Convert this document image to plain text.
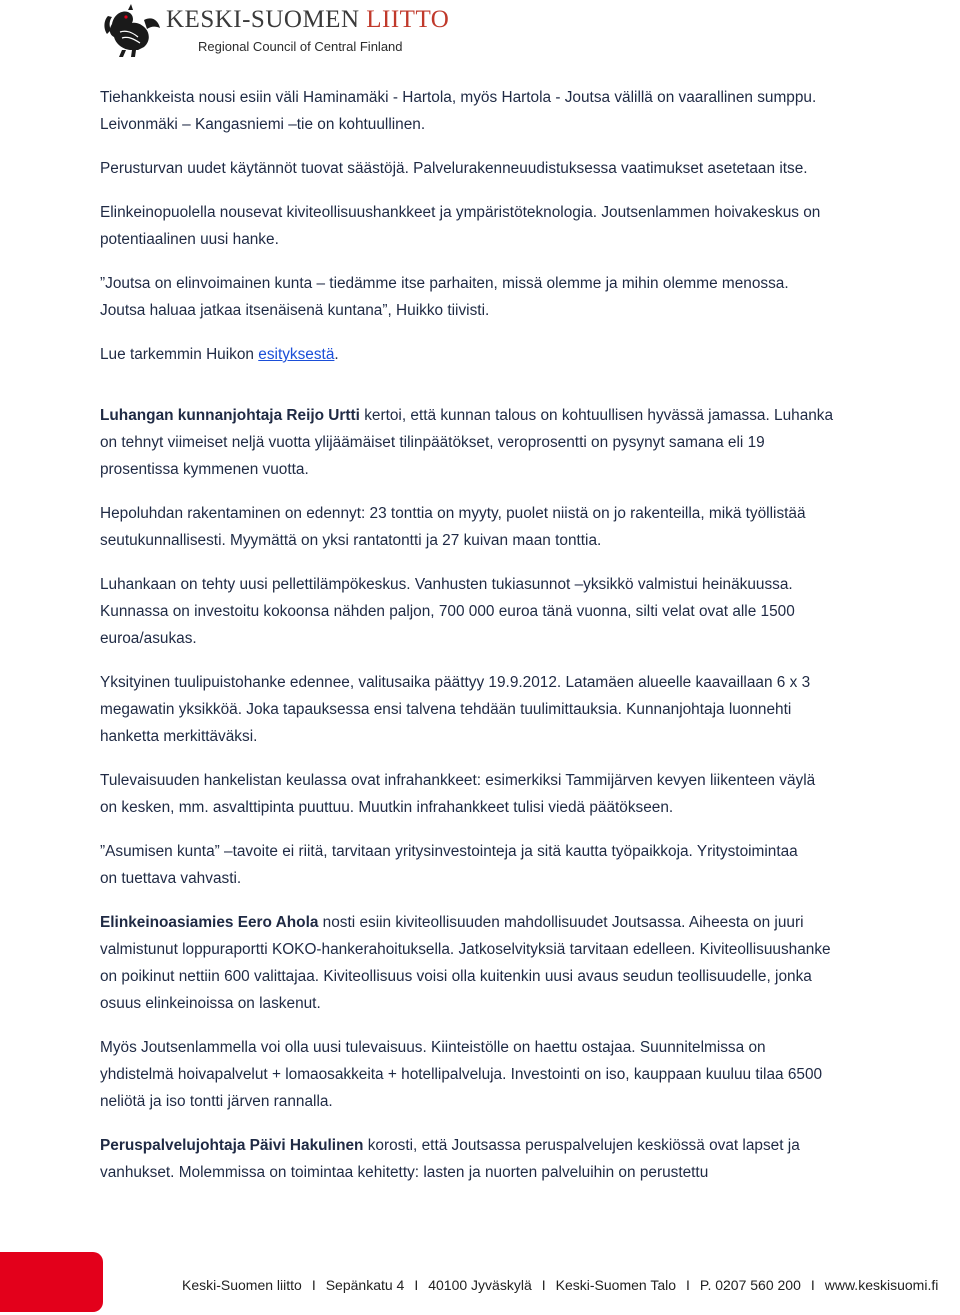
KESKI-SUOMEN LIITTO
Regional Council of Central Finland

Tiehankkeista nousi esiin väli Haminamäki - Hartola, myös Hartola - Joutsa välillä on vaarallinen sumppu.
Leivonmäki – Kangasniemi –tie on kohtuullinen.

Perusturvan uudet käytännöt tuovat säästöjä. Palvelurakenneuudistuksessa vaatimukset asetetaan itse.

Elinkeinopuolella nousevat kiviteollisuushankkeet ja ympäristöteknologia. Joutsenlammen hoivakeskus on
potentiaalinen uusi hanke.

”Joutsa on elinvoimainen kunta – tiedämme itse parhaiten, missä olemme ja mihin olemme menossa.
Joutsa haluaa jatkaa itsenäisenä kuntana”, Huikko tiivisti.

Lue tarkemmin Huikon esityksestä.

Luhangan kunnanjohtaja Reijo Urtti kertoi, että kunnan talous on kohtuullisen hyvässä jamassa. Luhanka
on tehnyt viimeiset neljä vuotta ylijäämäiset tilinpäätökset, veroprosentti on pysynyt samana eli 19
prosentissa kymmenen vuotta.

Hepoluhdan rakentaminen on edennyt: 23 tonttia on myyty, puolet niistä on jo rakenteilla, mikä työllistää
seutukunnallisesti. Myymättä on yksi rantatontti ja 27 kuivan maan tonttia.

Luhankaan on tehty uusi pellettilämpökeskus. Vanhusten tukiasunnot –yksikkö valmistui heinäkuussa.
Kunnassa on investoitu kokoonsa nähden paljon, 700 000 euroa tänä vuonna, silti velat ovat alle 1500
euroa/asukas.

Yksityinen tuulipuistohanke edennee, valitusaika päättyy 19.9.2012. Latamäen alueelle kaavaillaan 6 x 3
megawatin yksikköä. Joka tapauksessa ensi talvena tehdään tuulimittauksia. Kunnanjohtaja luonnehti
hanketta merkittäväksi.

Tulevaisuuden hankelistan keulassa ovat infrahankkeet: esimerkiksi Tammijärven kevyen liikenteen väylä
on kesken, mm. asvalttipinta puuttuu. Muutkin infrahankkeet tulisi viedä päätökseen.

”Asumisen kunta” –tavoite ei riitä, tarvitaan yritysinvestointeja ja sitä kautta työpaikkoja. Yritystoimintaa
on tuettava vahvasti.

Elinkeinoasiamies Eero Ahola nosti esiin kiviteollisuuden mahdollisuudet Joutsassa. Aiheesta on juuri
valmistunut loppuraportti KOKO-hankerahoituksella. Jatkoselvityksiä tarvitaan edelleen. Kiviteollisuushanke
on poikinut nettiin 600 valittajaa. Kiviteollisuus voisi olla kuitenkin uusi avaus seudun teollisuudelle, jonka
osuus elinkeinoissa on laskenut.

Myös Joutsenlammella voi olla uusi tulevaisuus. Kiinteistölle on haettu ostajaa. Suunnitelmissa on
yhdistelmä hoivapalvelut + lomaosakkeita + hotellipalveluja. Investointi on iso, kauppaan kuuluu tilaa 6500
neliötä ja iso tontti järven rannalla.

Peruspalvelujohtaja Päivi Hakulinen korosti, että Joutsassa peruspalvelujen keskiössä ovat lapset ja
vanhukset. Molemmissa on toimintaa kehitetty: lasten ja nuorten palveluihin on perustettu

Keski-Suomen liitto I Sepänkatu 4 I 40100 Jyväskylä I Keski-Suomen Talo I P. 0207 560 200 I www.keskisuomi.fi
